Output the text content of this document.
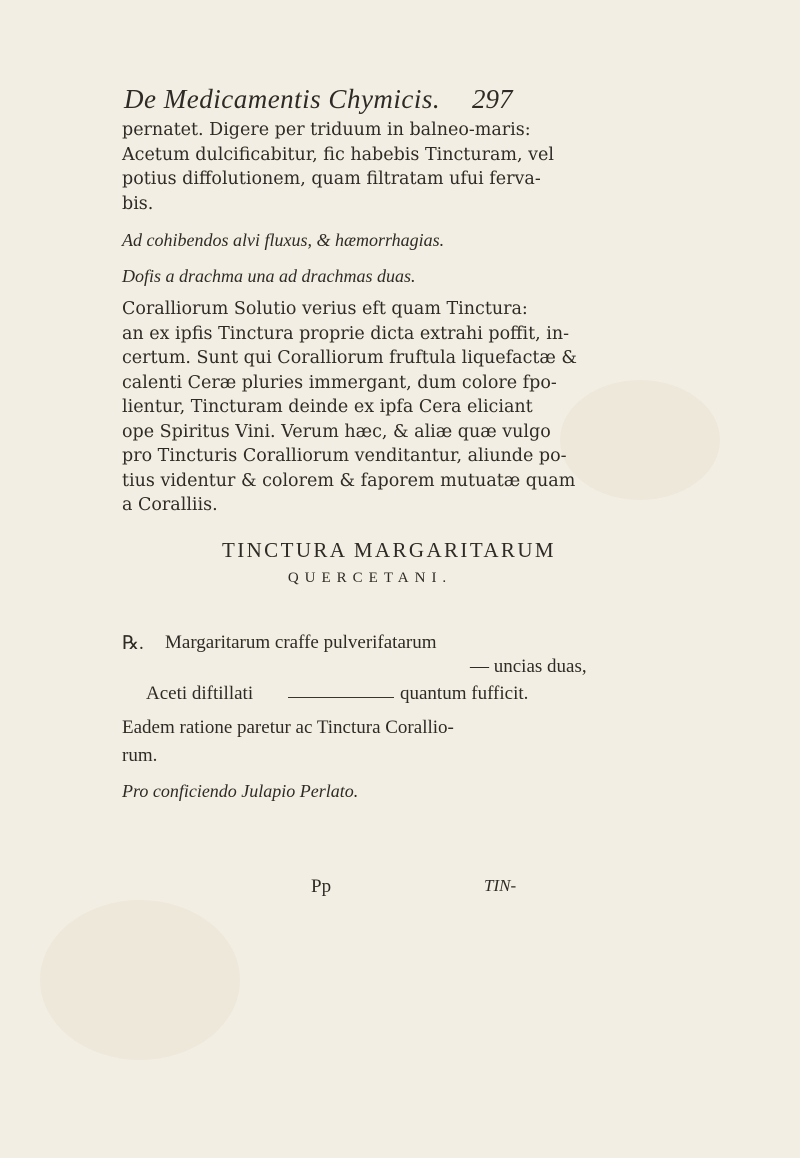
De Medicamentis Chymicis.	297
pernatet. Digere per triduum in balneo-maris:
Acetum dulcificabitur, fic habebis Tincturam, vel
potius diffolutionem, quam filtratam ufui ferva-
bis.
Ad cohibendos alvi fluxus, & hæmorrhagias.
Dofis a drachma una ad drachmas duas.
Coralliorum Solutio verius eft quam Tinctura:
an ex ipfis Tinctura proprie dicta extrahi poffit, in-
certum. Sunt qui Coralliorum fruftula liquefactæ &
calenti Ceræ pluries immergant, dum colore fpo-
lientur, Tincturam deinde ex ipfa Cera eliciant
ope Spiritus Vini. Verum hæc, & aliæ quæ vulgo
pro Tincturis Coralliorum venditantur, aliunde po-
tius videntur & colorem & faporem mutuatæ quam
a Coralliis.
TINCTURA MARGARITARUM
QUERCETANI.
℞. Margaritarum craffe pulverifatarum
— uncias duas,
Aceti diftillati	quantum fufficit.
Eadem ratione paretur ac Tinctura Corallio-
rum.
Pro conficiendo Julapio Perlato.
Pp	TIN-
